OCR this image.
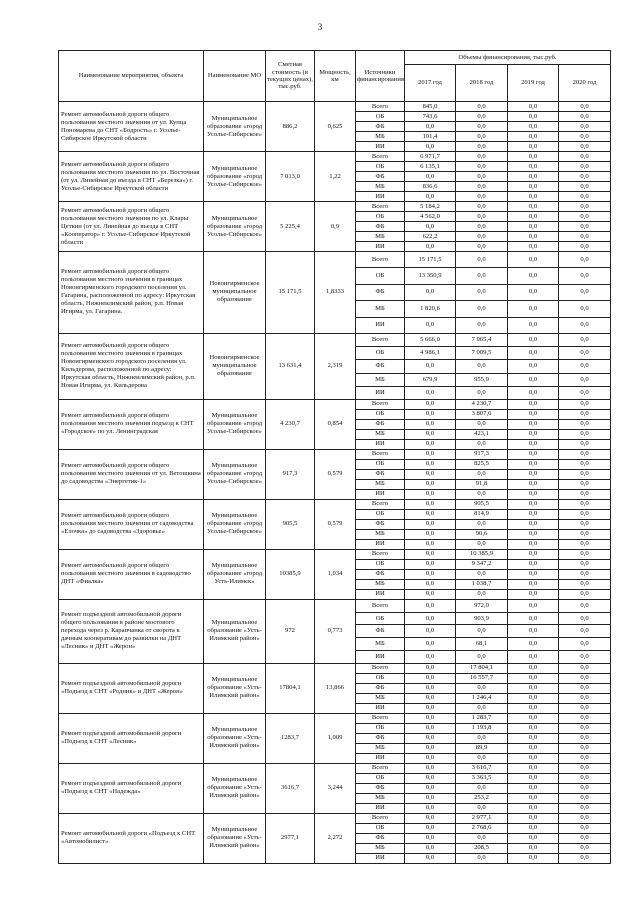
3
Наименование мероприятия, объекта	Наименование МО	Сметная стоимость (в текущих ценах), тыс.руб.	Мощность, км	Источники финансирования	Объемы финансирования, тыс.руб.			
					2017 год	2018 год	2019 год	2020 год
Ремонт автомобильной дороги общего пользования местного значения от ул. Купца Пономарева до СНТ «Бодрость» г. Усолье-Сибирское Иркутской области	Муниципальное образование «город Усолье-Сибирское»	886,2	0,625	Всего	845,0	0,0	0,0	0,0
				ОБ	743,6	0,0	0,0	0,0
				ФБ	0,0	0,0	0,0	0,0
				МБ	101,4	0,0	0,0	0,0
				ИИ	0,0	0,0	0,0	0,0
Ремонт автомобильной дороги общего пользования местного значения по ул. Восточная (от ул. Линейная до въезда в СНТ «Березка») г. Усолье-Сибирское Иркутской области	Муниципальное образование «город Усолье-Сибирское»	7 013,0	1,22	Всего	6 971,7	0,0	0,0	0,0
				ОБ	6 135,1	0,0	0,0	0,0
				ФБ	0,0	0,0	0,0	0,0
				МБ	836,6	0,0	0,0	0,0
				ИИ	0,0	0,0	0,0	0,0
Ремонт автомобильной дороги общего пользования местного значения по ул. Клары Цеткин (от ул. Линейная до въезда в СНТ «Кооператор» г. Усолье-Сибирское Иркутской области	Муниципальное образование «город Усолье-Сибирское»	5 225,4	0,9	Всего	5 184,2	0,0	0,0	0,0
				ОБ	4 562,0	0,0	0,0	0,0
				ФБ	0,0	0,0	0,0	0,0
				МБ	622,2	0,0	0,0	0,0
				ИИ	0,0	0,0	0,0	0,0
Ремонт автомобильной дороги общего пользования местного значения в границах Новоигирменского городского поселения ул. Гагарина, расположенной по адресу: Иркутская область, Нижнеилимский район, р.п. Новая Игирма, ул. Гагарина.	Новоигирменское муниципальное образование	15 171,5	1,8333	Всего	15 171,5	0,0	0,0	0,0
				ОБ	13 350,9	0,0	0,0	0,0
				ФБ	0,0	0,0	0,0	0,0
				МБ	1 820,6	0,0	0,0	0,0
				ИИ	0,0	0,0	0,0	0,0
Ремонт автомобильной дороги общего пользования местного значения в границах Новоигирменского городского поселения ул. Кильдерова, расположенной по адресу: Иркутская область, Нижнеилимский район, р.п. Новая Игирма, ул. Кильдерова	Новоигирменское муниципальное образование	13 631,4	2,319	Всего	5 666,0	7 965,4	0,0	0,0
				ОБ	4 986,1	7 009,5	0,0	0,0
				ФБ	0,0	0,0	0,0	0,0
				МБ	679,9	955,9	0,0	0,0
				ИИ	0,0	0,0	0,0	0,0
Ремонт автомобильной дороги общего пользования местного значения подъезд к СНТ «Городское» по ул. Ленинградская	Муниципальное образование «город Усолье-Сибирское»	4 230,7	0,854	Всего	0,0	4 230,7	0,0	0,0
				ОБ	0,0	3 807,6	0,0	0,0
				ФБ	0,0	0,0	0,0	0,0
				МБ	0,0	423,1	0,0	0,0
				ИИ	0,0	0,0	0,0	0,0
Ремонт автомобильной дороги общего пользования местного значения от ул. Ветошкина до садоводства «Энергетик-1»	Муниципальное образование «город Усолье-Сибирское»	917,3	0,579	Всего	0,0	917,3	0,0	0,0
				ОБ	0,0	825,5	0,0	0,0
				ФБ	0,0	0,0	0,0	0,0
				МБ	0,0	91,8	0,0	0,0
				ИИ	0,0	0,0	0,0	0,0
Ремонт автомобильной дороги общего пользования местного значения от садоводства «Елочка» до садоводства «Здоровье»	Муниципальное образование «город Усолье-Сибирское»	905,5	0,579	Всего	0,0	905,5	0,0	0,0
				ОБ	0,0	814,9	0,0	0,0
				ФБ	0,0	0,0	0,0	0,0
				МБ	0,0	90,6	0,0	0,0
				ИИ	0,0	0,0	0,0	0,0
Ремонт автомобильной дороги общего пользования местного значения в садоводство ДНТ «Фиалка»	Муниципальное образование «город Усть-Илимск»	10385,9	1,034	Всего	0,0	10 385,9	0,0	0,0
				ОБ	0,0	9 347,2	0,0	0,0
				ФБ	0,0	0,0	0,0	0,0
				МБ	0,0	1 038,7	0,0	0,0
				ИИ	0,0	0,0	0,0	0,0
Ремонт подъездной автомобильной дороги общего пользования в районе мостового перехода через р. Карапчанка от сворота к дачным кооперативам до развилки на ДНТ «Лесник» и ДНТ «Жерон»	Муниципальное образование «Усть-Илимский район»	972	0,773	Всего	0,0	972,0	0,0	0,0
				ОБ	0,0	903,9	0,0	0,0
				ФБ	0,0	0,0	0,0	0,0
				МБ	0,0	68,1	0,0	0,0
				ИИ	0,0	0,0	0,0	0,0
Ремонт подъездной автомобильной дороги «Подъезд к СНТ «Родник» и ДНТ «Жерон»	Муниципальное образование «Усть-Илимский район»	17804,1	13,866	Всего	0,0	17 804,1	0,0	0,0
				ОБ	0,0	16 557,7	0,0	0,0
				ФБ	0,0	0,0	0,0	0,0
				МБ	0,0	1 246,4	0,0	0,0
				ИИ	0,0	0,0	0,0	0,0
Ремонт подъездной автомобильной дороги «Подъезд к СНТ «Лесник»	Муниципальное образование «Усть-Илимский район»	1283,7	1,009	Всего	0,0	1 283,7	0,0	0,0
				ОБ	0,0	1 193,8	0,0	0,0
				ФБ	0,0	0,0	0,0	0,0
				МБ	0,0	89,9	0,0	0,0
				ИИ	0,0	0,0	0,0	0,0
Ремонт подъездной автомобильной дороги «Подъезд к СНТ «Надежда»	Муниципальное образование «Усть-Илимский район»	3616,7	3,244	Всего	0,0	3 616,7	0,0	0,0
				ОБ	0,0	3 363,5	0,0	0,0
				ФБ	0,0	0,0	0,0	0,0
				МБ	0,0	253,2	0,0	0,0
				ИИ	0,0	0,0	0,0	0,0
Ремонт автомобильной дороги «Подъезд к СНТ «Автомобилист»	Муниципальное образование «Усть-Илимский район»	2977,1	2,272	Всего	0,0	2 977,1	0,0	0,0
				ОБ	0,0	2 768,6	0,0	0,0
				ФБ	0,0	0,0	0,0	0,0
				МБ	0,0	208,5	0,0	0,0
				ИИ	0,0	0,0	0,0	0,0
